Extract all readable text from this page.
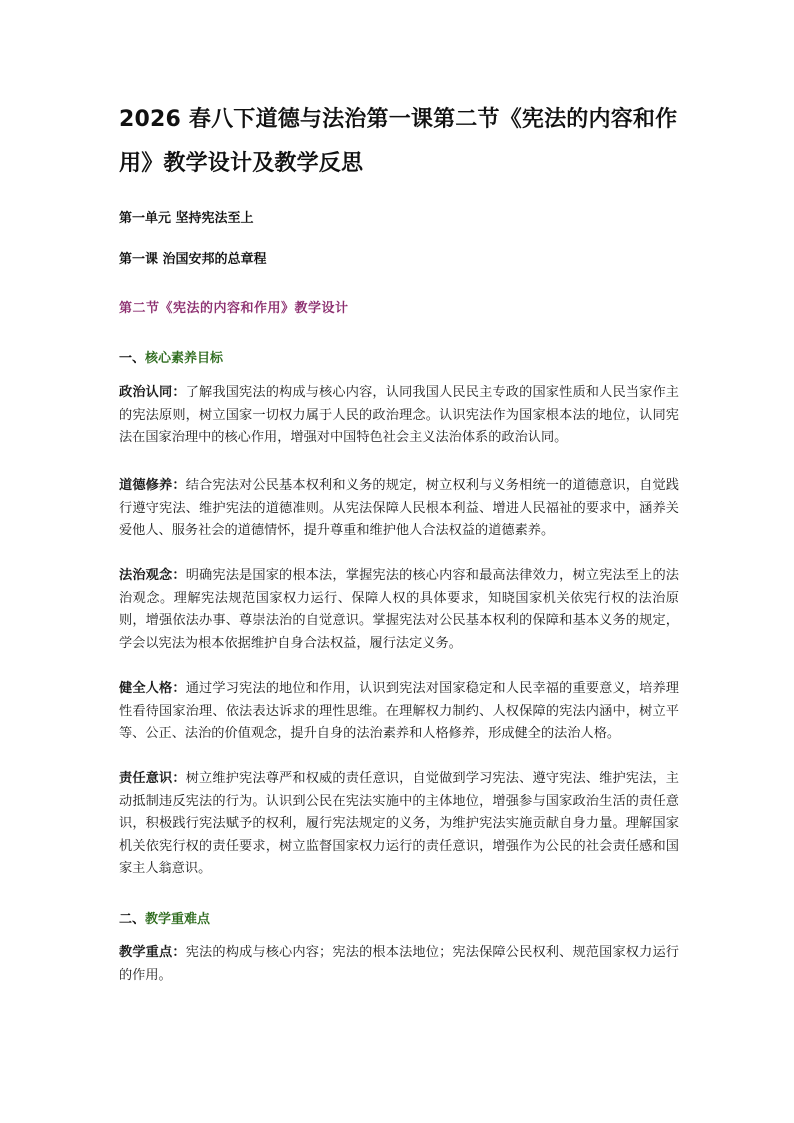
2026 春八下道德与法治第一课第二节《宪法的内容和作用》教学设计及教学反思

第一单元 坚持宪法至上

第一课 治国安邦的总章程

第二节《宪法的内容和作用》教学设计

一、核心素养目标

政治认同：了解我国宪法的构成与核心内容，认同我国人民民主专政的国家性质和人民当家作主的宪法原则，树立国家一切权力属于人民的政治理念。认识宪法作为国家根本法的地位，认同宪法在国家治理中的核心作用，增强对中国特色社会主义法治体系的政治认同。

道德修养：结合宪法对公民基本权利和义务的规定，树立权利与义务相统一的道德意识，自觉践行遵守宪法、维护宪法的道德准则。从宪法保障人民根本利益、增进人民福祉的要求中，涵养关爱他人、服务社会的道德情怀，提升尊重和维护他人合法权益的道德素养。

法治观念：明确宪法是国家的根本法，掌握宪法的核心内容和最高法律效力，树立宪法至上的法治观念。理解宪法规范国家权力运行、保障人权的具体要求，知晓国家机关依宪行权的法治原则，增强依法办事、尊崇法治的自觉意识。掌握宪法对公民基本权利的保障和基本义务的规定，学会以宪法为根本依据维护自身合法权益，履行法定义务。

健全人格：通过学习宪法的地位和作用，认识到宪法对国家稳定和人民幸福的重要意义，培养理性看待国家治理、依法表达诉求的理性思维。在理解权力制约、人权保障的宪法内涵中，树立平等、公正、法治的价值观念，提升自身的法治素养和人格修养，形成健全的法治人格。

责任意识：树立维护宪法尊严和权威的责任意识，自觉做到学习宪法、遵守宪法、维护宪法，主动抵制违反宪法的行为。认识到公民在宪法实施中的主体地位，增强参与国家政治生活的责任意识，积极践行宪法赋予的权利，履行宪法规定的义务，为维护宪法实施贡献自身力量。理解国家机关依宪行权的责任要求，树立监督国家权力运行的责任意识，增强作为公民的社会责任感和国家主人翁意识。

二、教学重难点

教学重点：宪法的构成与核心内容；宪法的根本法地位；宪法保障公民权利、规范国家权力运行的作用。
